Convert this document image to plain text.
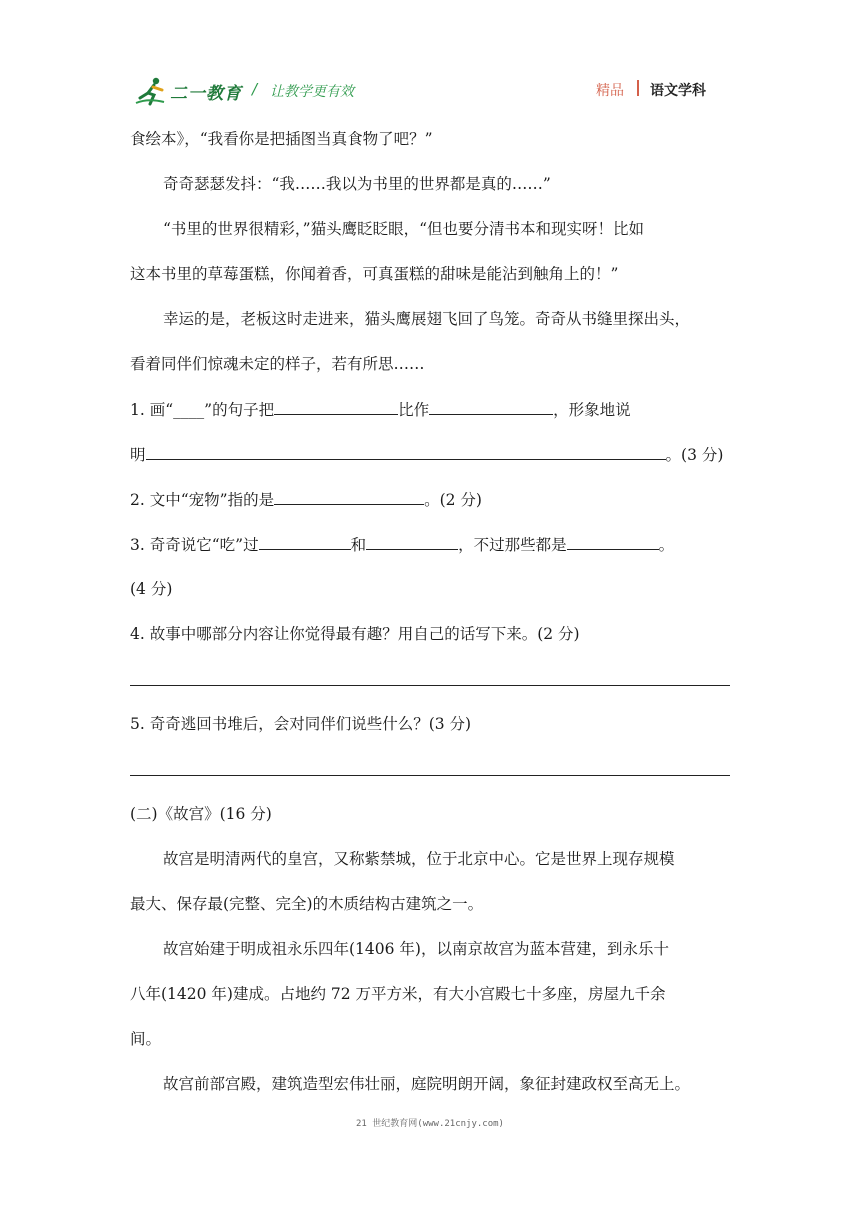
二一教育 / 让教学更有效	精品 语文学科
食绘本》，“我看你是把插图当真食物了吧？”
奇奇瑟瑟发抖：“我……我以为书里的世界都是真的……”
“书里的世界很精彩，”猫头鹰眨眨眼，“但也要分清书本和现实呀！比如
这本书里的草莓蛋糕，你闻着香，可真蛋糕的甜味是能沾到触角上的！”
幸运的是，老板这时走进来，猫头鹰展翅飞回了鸟笼。奇奇从书缝里探出头，
看着同伴们惊魂未定的样子，若有所思……
1. 画“____”的句子把	比作	，形象地说
明	。(3 分)
2. 文中“宠物”指的是	。(2 分)
3. 奇奇说它“吃”过	和	，不过那些都是	。
(4 分)
4. 故事中哪部分内容让你觉得最有趣？用自己的话写下来。(2 分)
5. 奇奇逃回书堆后，会对同伴们说些什么？(3 分)
(二)《故宫》(16 分)
故宫是明清两代的皇宫，又称紫禁城，位于北京中心。它是世界上现存规模
最大、保存最(完整、完全)的木质结构古建筑之一。
故宫始建于明成祖永乐四年(1406 年)，以南京故宫为蓝本营建，到永乐十
八年(1420 年)建成。占地约 72 万平方米，有大小宫殿七十多座，房屋九千余
间。
故宫前部宫殿，建筑造型宏伟壮丽，庭院明朗开阔，象征封建政权至高无上。
21 世纪教育网(www.21cnjy.com)
